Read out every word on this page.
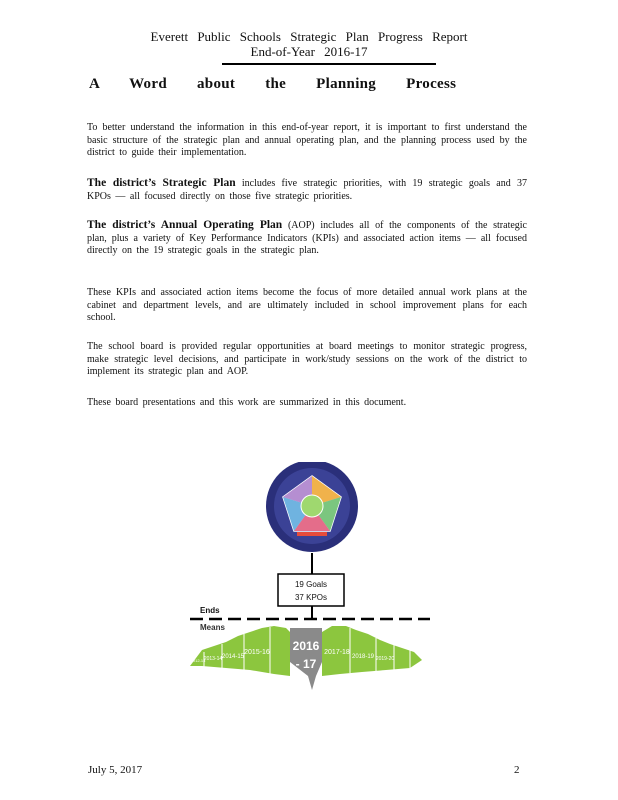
Everett Public Schools Strategic Plan Progress Report
End-of-Year 2016-17
A Word about the Planning Process
To better understand the information in this end-of-year report, it is important to first understand the basic structure of the strategic plan and annual operating plan, and the planning process used by the district to guide their implementation.
The district’s Strategic Plan includes five strategic priorities, with 19 strategic goals and 37 KPOs — all focused directly on those five strategic priorities.
The district’s Annual Operating Plan (AOP) includes all of the components of the strategic plan, plus a variety of Key Performance Indicators (KPIs) and associated action items — all focused directly on the 19 strategic goals in the strategic plan.
These KPIs and associated action items become the focus of more detailed annual work plans at the cabinet and department levels, and are ultimately included in school improvement plans for each school.
The school board is provided regular opportunities at board meetings to monitor strategic progress, make strategic level decisions, and participate in work/study sessions on the work of the district to implement its strategic plan and AOP.
These board presentations and this work are summarized in this document.
19 Goals
37 KPOs
Ends
Means
2016
- 17
2012-13
2013-14 2014-15
2015-16	2017-18
2018-19 2019-20
July 5, 2017	2
